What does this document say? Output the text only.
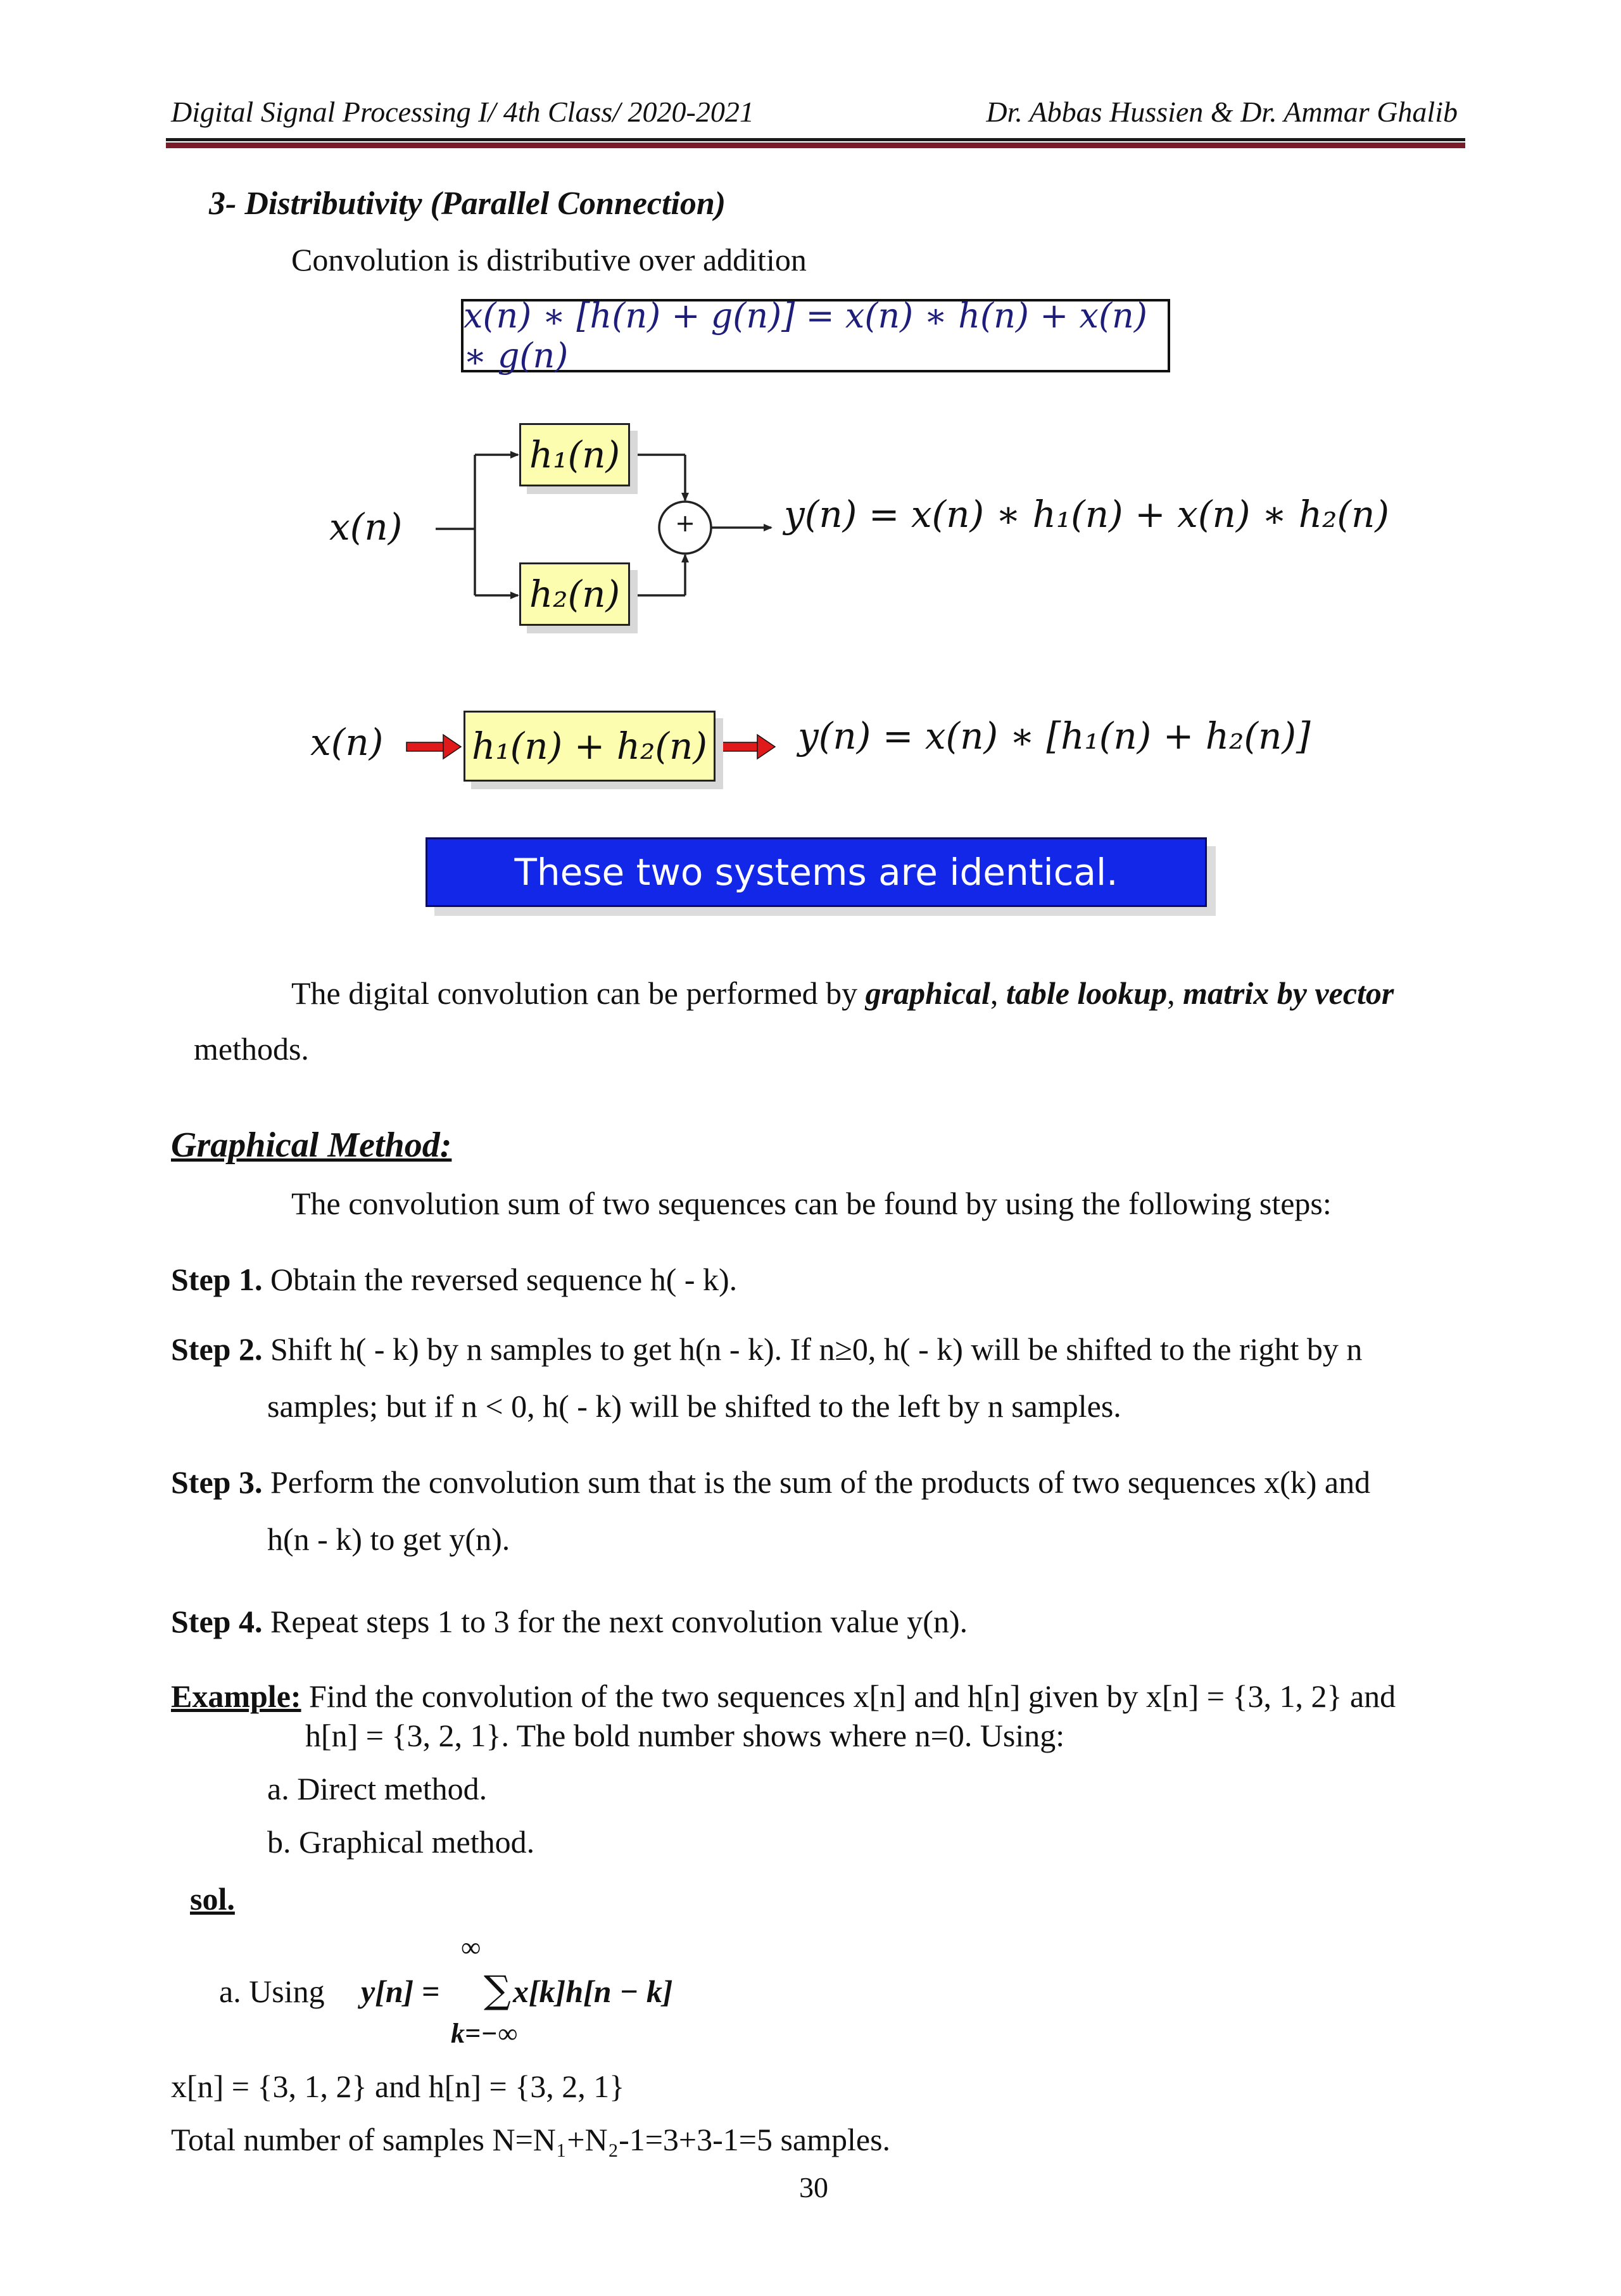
Digital Signal Processing I/ 4th Class/ 2020-2021	Dr. Abbas Hussien & Dr. Ammar Ghalib
3- Distributivity (Parallel Connection)
Convolution is distributive over addition
x(n) ∗ [h(n) + g(n)] = x(n) ∗ h(n) + x(n) ∗ g(n)
+
x(n)
h₁(n)
h₂(n)
y(n) = x(n) ∗ h₁(n) + x(n) ∗ h₂(n)
x(n) h₁(n) + h₂(n) y(n) = x(n) ∗ [h₁(n) + h₂(n)]
These two systems are identical.
The digital convolution can be performed by graphical, table lookup, matrix by vector
methods.
Graphical Method:
The convolution sum of two sequences can be found by using the following steps:
Step 1. Obtain the reversed sequence h( - k).
Step 2. Shift h( - k) by n samples to get h(n - k). If n≥0, h( - k) will be shifted to the right by n
samples; but if n < 0, h( - k) will be shifted to the left by n samples.
Step 3. Perform the convolution sum that is the sum of the products of two sequences x(k) and
h(n - k) to get y(n).
Step 4. Repeat steps 1 to 3 for the next convolution value y(n).
Example: Find the convolution of the two sequences x[n] and h[n] given by x[n] = {3, 1, 2} and
h[n] = {3, 2, 1}. The bold number shows where n=0. Using:
a. Direct method.
b. Graphical method.
sol.
a. Using y[n] =
∞
∑
k=−∞
x[k]h[n − k]
x[n] = {3, 1, 2} and h[n] = {3, 2, 1}
Total number of samples N=N₁+N₂-1=3+3-1=5 samples.
30
